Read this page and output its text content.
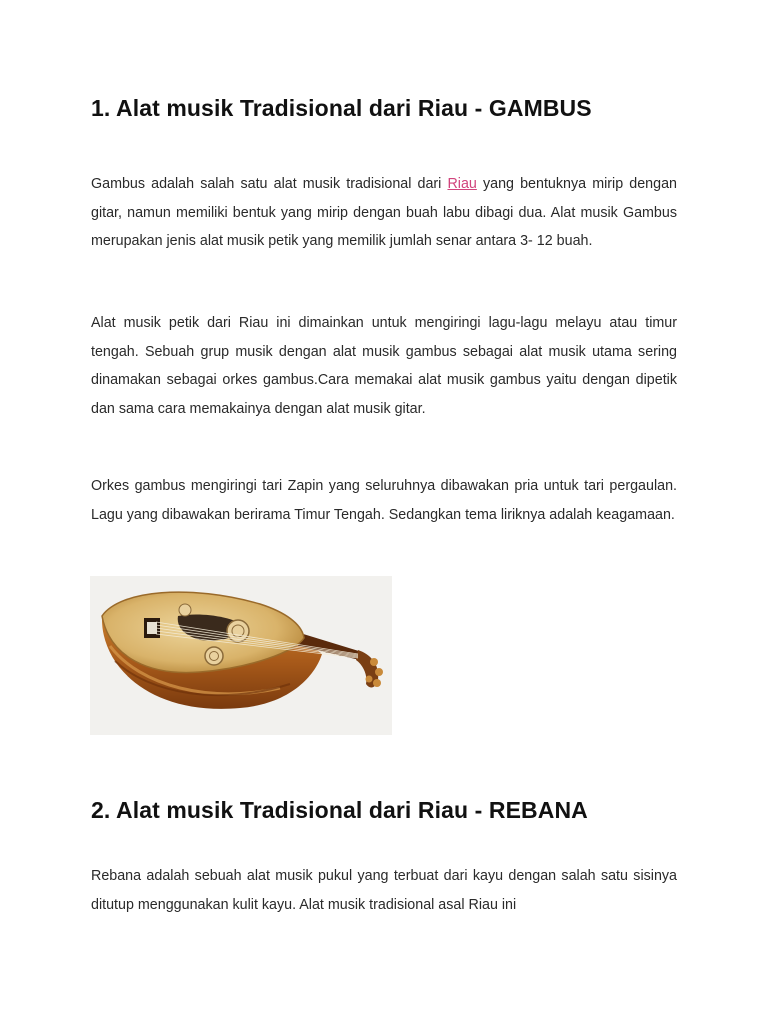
1. Alat musik Tradisional dari Riau - GAMBUS

Gambus adalah salah satu alat musik tradisional dari Riau yang bentuknya mirip dengan gitar, namun memiliki bentuk yang mirip dengan buah labu dibagi dua. Alat musik Gambus merupakan jenis alat musik petik yang memilik jumlah senar antara 3- 12 buah.

Alat musik petik dari Riau ini dimainkan untuk mengiringi lagu-lagu melayu atau timur tengah. Sebuah grup musik dengan alat musik gambus sebagai alat musik utama sering dinamakan sebagai orkes gambus.Cara memakai alat musik gambus yaitu dengan dipetik dan sama cara memakainya dengan alat musik gitar.

Orkes gambus mengiringi tari Zapin yang seluruhnya dibawakan pria untuk tari pergaulan. Lagu yang dibawakan berirama Timur Tengah. Sedangkan tema liriknya adalah keagamaan.

2. Alat musik Tradisional dari Riau - REBANA

Rebana adalah sebuah alat musik pukul yang terbuat dari kayu dengan salah satu sisinya ditutup menggunakan kulit kayu. Alat musik tradisional asal Riau ini
